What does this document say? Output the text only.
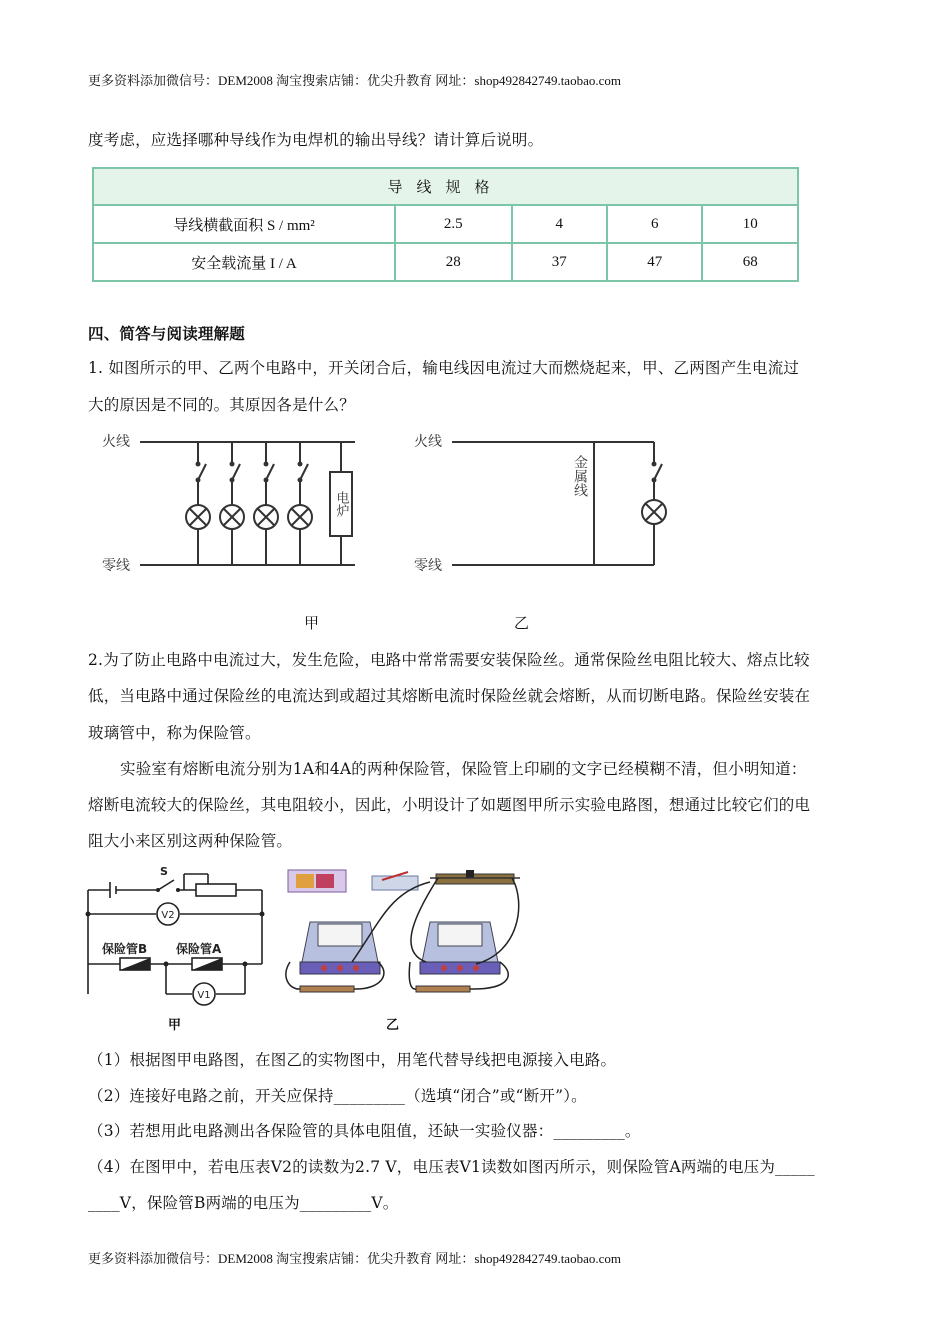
更多资料添加微信号：DEM2008 淘宝搜索店铺：优尖升教育 网址：shop492842749.taobao.com
度考虑，应选择哪种导线作为电焊机的输出导线？请计算后说明。
导线规格				
导线横截面积 S / mm²	2.5	4	6	10
安全载流量 I / A	28	37	47	68
四、简答与阅读理解题
1. 如图所示的甲、乙两个电路中，开关闭合后，输电线因电流过大而燃烧起来，甲、乙两图产生电流过
大的原因是不同的。其原因各是什么？
火线
零线
电炉
甲
火线
零线
金属线
乙
2.为了防止电路中电流过大，发生危险，电路中常常需要安装保险丝。通常保险丝电阻比较大、熔点比较
低，当电路中通过保险丝的电流达到或超过其熔断电流时保险丝就会熔断，从而切断电路。保险丝安装在
玻璃管中，称为保险管。
实验室有熔断电流分别为1A和4A的两种保险管，保险管上印刷的文字已经模糊不清，但小明知道：
熔断电流较大的保险丝，其电阻较小，因此，小明设计了如题图甲所示实验电路图，想通过比较它们的电
阻大小来区别这两种保险管。
S
V2
V1
保险管B 保险管A
甲	乙
（1）根据图甲电路图，在图乙的实物图中，用笔代替导线把电源接入电路。
（2）连接好电路之前，开关应保持_________（选填“闭合”或“断开”）。
（3）若想用此电路测出各保险管的具体电阻值，还缺一实验仪器：_________。
（4）在图甲中，若电压表V2的读数为2.7 V，电压表V1读数如图丙所示，则保险管A两端的电压为_____
____V，保险管B两端的电压为_________V。
更多资料添加微信号：DEM2008 淘宝搜索店铺：优尖升教育 网址：shop492842749.taobao.com
